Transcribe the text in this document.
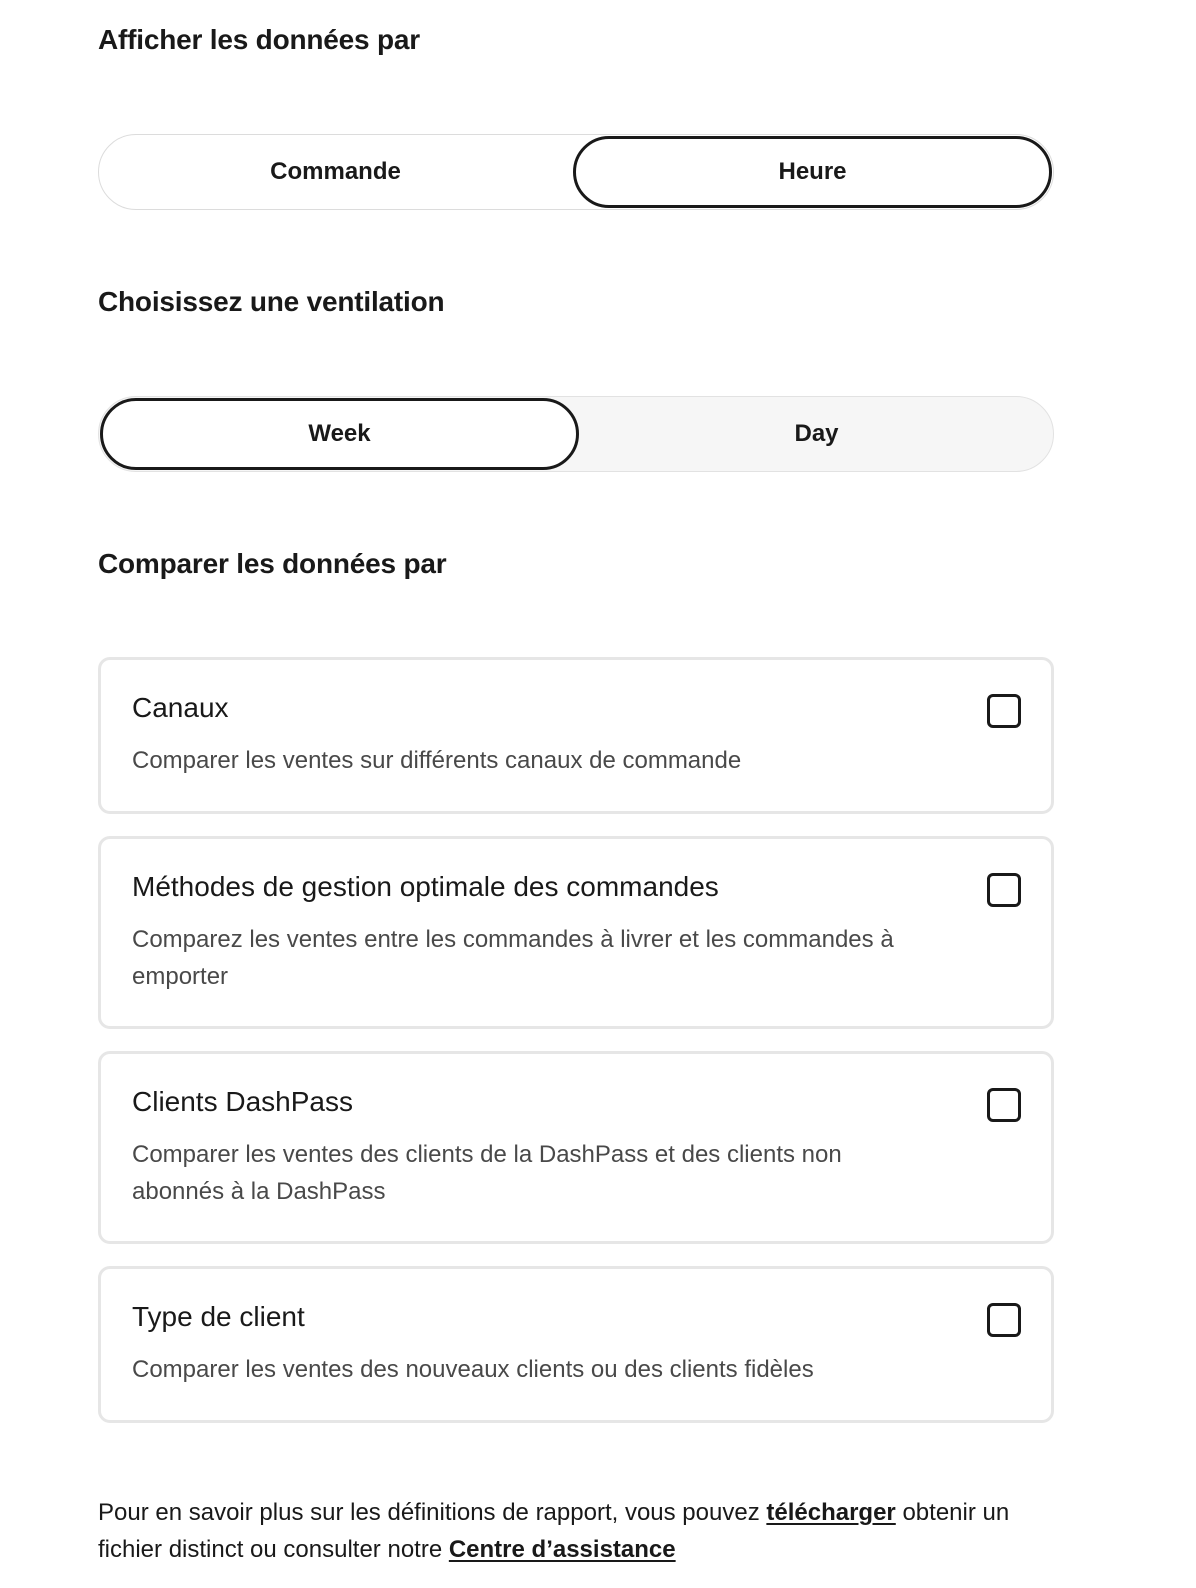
Afficher les données par
Commande	Heure
Choisissez une ventilation
Week	Day
Comparer les données par

Canaux

Comparer les ventes sur différents canaux de commande

Méthodes de gestion optimale des commandes

Comparez les ventes entre les commandes à livrer et les commandes à emporter

Clients DashPass

Comparer les ventes des clients de la DashPass et des clients non abonnés à la DashPass

Type de client

Comparer les ventes des nouveaux clients ou des clients fidèles
Pour en savoir plus sur les définitions de rapport, vous pouvez télécharger obtenir un fichier distinct ou consulter notre Centre d’assistance
